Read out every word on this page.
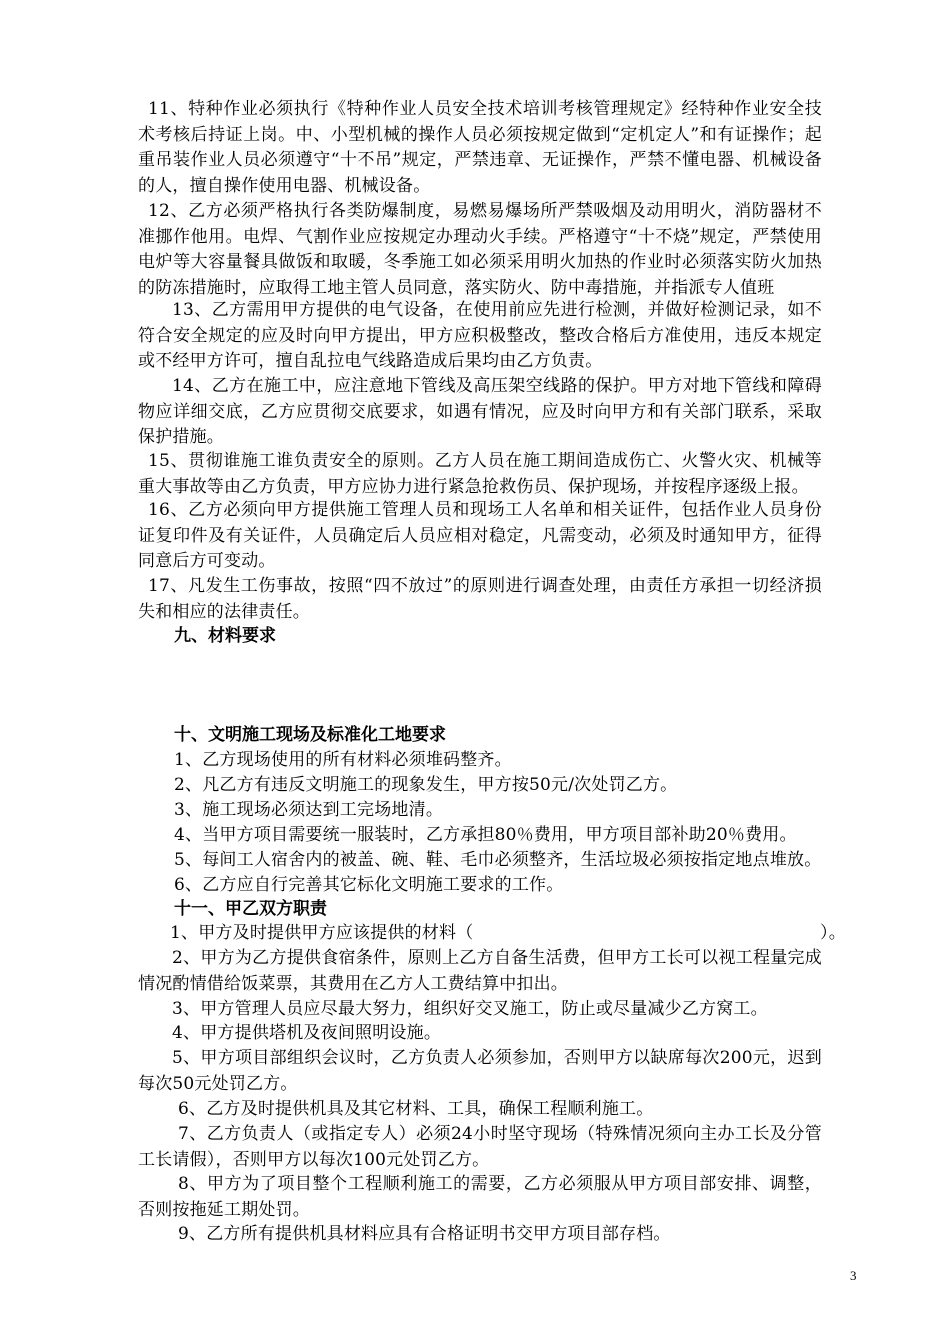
11、特种作业必须执行《特种作业人员安全技术培训考核管理规定》经特种作业安全技术考核后持证上岗。中、小型机械的操作人员必须按规定做到“定机定人”和有证操作；起重吊装作业人员必须遵守“十不吊”规定，严禁违章、无证操作，严禁不懂电器、机械设备的人，擅自操作使用电器、机械设备。
12、乙方必须严格执行各类防爆制度，易燃易爆场所严禁吸烟及动用明火，消防器材不准挪作他用。电焊、气割作业应按规定办理动火手续。严格遵守“十不烧”规定，严禁使用电炉等大容量餐具做饭和取暖，冬季施工如必须采用明火加热的作业时必须落实防火加热的防冻措施时，应取得工地主管人员同意，落实防火、防中毒措施，并指派专人值班
13、乙方需用甲方提供的电气设备，在使用前应先进行检测，并做好检测记录，如不符合安全规定的应及时向甲方提出，甲方应积极整改，整改合格后方准使用，违反本规定或不经甲方许可，擅自乱拉电气线路造成后果均由乙方负责。
14、乙方在施工中，应注意地下管线及高压架空线路的保护。甲方对地下管线和障碍物应详细交底，乙方应贯彻交底要求，如遇有情况，应及时向甲方和有关部门联系，采取保护措施。
15、贯彻谁施工谁负责安全的原则。乙方人员在施工期间造成伤亡、火警火灾、机械等重大事故等由乙方负责，甲方应协力进行紧急抢救伤员、保护现场，并按程序逐级上报。
16、乙方必须向甲方提供施工管理人员和现场工人名单和相关证件，包括作业人员身份证复印件及有关证件，人员确定后人员应相对稳定，凡需变动，必须及时通知甲方，征得同意后方可变动。
17、凡发生工伤事故，按照“四不放过”的原则进行调查处理，由责任方承担一切经济损失和相应的法律责任。
九、材料要求
十、文明施工现场及标准化工地要求
1、乙方现场使用的所有材料必须堆码整齐。
2、凡乙方有违反文明施工的现象发生，甲方按50元/次处罚乙方。
3、施工现场必须达到工完场地清。
4、当甲方项目需要统一服装时，乙方承担80％费用，甲方项目部补助20％费用。
5、每间工人宿舍内的被盖、碗、鞋、毛巾必须整齐，生活垃圾必须按指定地点堆放。
6、乙方应自行完善其它标化文明施工要求的工作。
十一、甲乙双方职责
1、甲方及时提供甲方应该提供的材料（	）。
2、甲方为乙方提供食宿条件，原则上乙方自备生活费，但甲方工长可以视工程量完成情况酌情借给饭菜票，其费用在乙方人工费结算中扣出。
3、甲方管理人员应尽最大努力，组织好交叉施工，防止或尽量减少乙方窝工。
4、甲方提供塔机及夜间照明设施。
5、甲方项目部组织会议时，乙方负责人必须参加，否则甲方以缺席每次200元，迟到每次50元处罚乙方。
6、乙方及时提供机具及其它材料、工具，确保工程顺利施工。
7、乙方负责人（或指定专人）必须24小时坚守现场（特殊情况须向主办工长及分管工长请假），否则甲方以每次100元处罚乙方。
8、甲方为了项目整个工程顺利施工的需要，乙方必须服从甲方项目部安排、调整，否则按拖延工期处罚。
9、乙方所有提供机具材料应具有合格证明书交甲方项目部存档。
3
